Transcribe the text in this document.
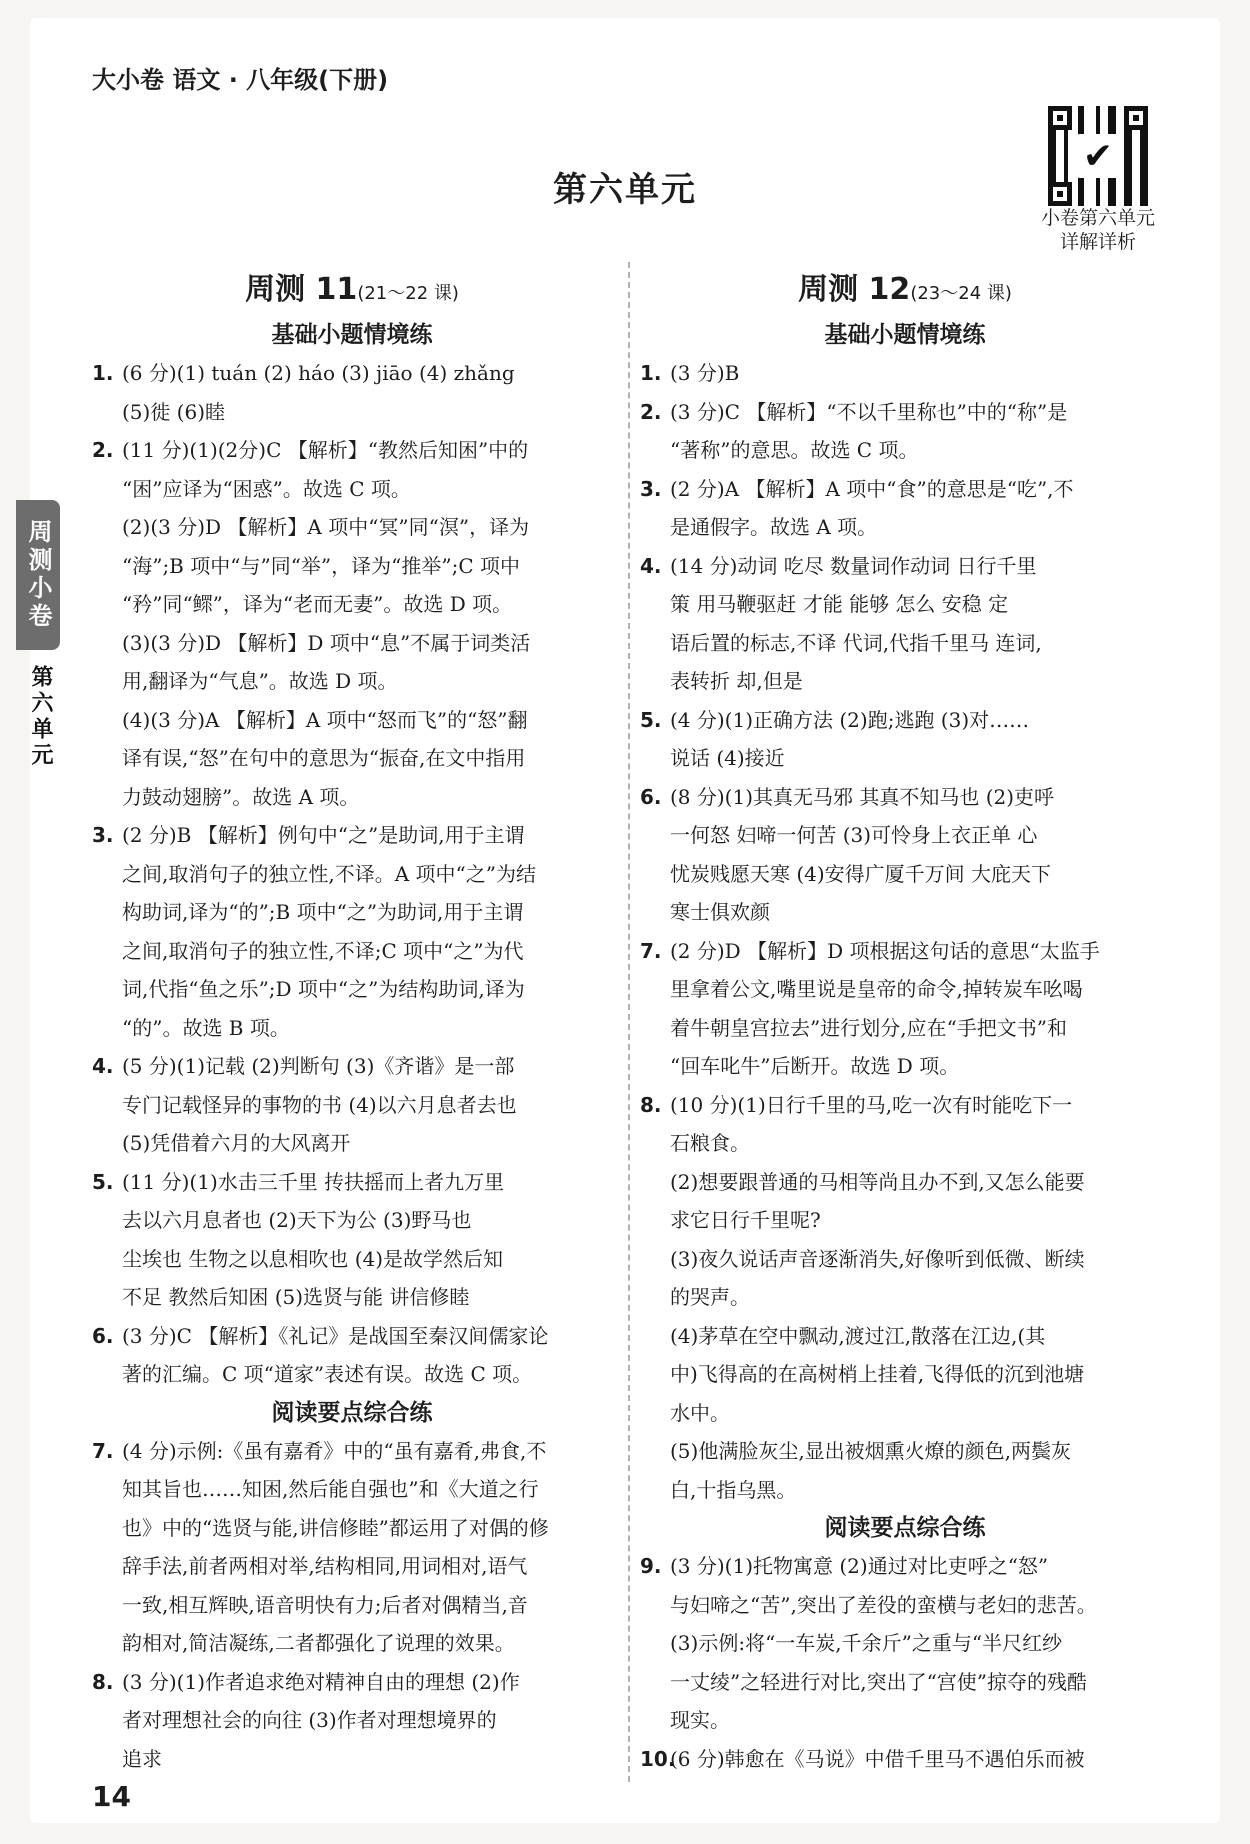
大小卷 语文 · 八年级(下册)
第六单元
✔
小卷第六单元
详解详析
周测小卷
第六单元
周测 11(21～22 课)
基础小题情境练
1. (6 分)(1) tuán (2) háo (3) jiāo (4) zhǎng

(5)徙 (6)睦

2. (11 分)(1)(2分)C 【解析】“教然后知困”中的

“困”应译为“困惑”。故选 C 项。

(2)(3 分)D 【解析】A 项中“冥”同“溟”，译为

“海”;B 项中“与”同“举”，译为“推举”;C 项中

“矜”同“鳏”，译为“老而无妻”。故选 D 项。

(3)(3 分)D 【解析】D 项中“息”不属于词类活

用,翻译为“气息”。故选 D 项。

(4)(3 分)A 【解析】A 项中“怒而飞”的“怒”翻

译有误,“怒”在句中的意思为“振奋,在文中指用

力鼓动翅膀”。故选 A 项。

3. (2 分)B 【解析】例句中“之”是助词,用于主谓

之间,取消句子的独立性,不译。A 项中“之”为结

构助词,译为“的”;B 项中“之”为助词,用于主谓

之间,取消句子的独立性,不译;C 项中“之”为代

词,代指“鱼之乐”;D 项中“之”为结构助词,译为

“的”。故选 B 项。

4. (5 分)(1)记载 (2)判断句 (3)《齐谐》是一部

专门记载怪异的事物的书 (4)以六月息者去也

(5)凭借着六月的大风离开

5. (11 分)(1)水击三千里 抟扶摇而上者九万里

去以六月息者也 (2)天下为公 (3)野马也

尘埃也 生物之以息相吹也 (4)是故学然后知

不足 教然后知困 (5)选贤与能 讲信修睦

6. (3 分)C 【解析】《礼记》是战国至秦汉间儒家论

著的汇编。C 项“道家”表述有误。故选 C 项。

阅读要点综合练
7. (4 分)示例:《虽有嘉肴》中的“虽有嘉肴,弗食,不

知其旨也……知困,然后能自强也”和《大道之行

也》中的“选贤与能,讲信修睦”都运用了对偶的修

辞手法,前者两相对举,结构相同,用词相对,语气

一致,相互辉映,语音明快有力;后者对偶精当,音

韵相对,简洁凝练,二者都强化了说理的效果。

8. (3 分)(1)作者追求绝对精神自由的理想 (2)作

者对理想社会的向往 (3)作者对理想境界的

追求

周测 12(23～24 课)
基础小题情境练
1. (3 分)B

2. (3 分)C 【解析】“不以千里称也”中的“称”是

“著称”的意思。故选 C 项。

3. (2 分)A 【解析】A 项中“食”的意思是“吃”,不

是通假字。故选 A 项。

4. (14 分)动词 吃尽 数量词作动词 日行千里

策 用马鞭驱赶 才能 能够 怎么 安稳 定

语后置的标志,不译 代词,代指千里马 连词,

表转折 却,但是

5. (4 分)(1)正确方法 (2)跑;逃跑 (3)对……

说话 (4)接近

6. (8 分)(1)其真无马邪 其真不知马也 (2)吏呼

一何怒 妇啼一何苦 (3)可怜身上衣正单 心

忧炭贱愿天寒 (4)安得广厦千万间 大庇天下

寒士俱欢颜

7. (2 分)D 【解析】D 项根据这句话的意思“太监手

里拿着公文,嘴里说是皇帝的命令,掉转炭车吆喝

着牛朝皇宫拉去”进行划分,应在“手把文书”和

“回车叱牛”后断开。故选 D 项。

8. (10 分)(1)日行千里的马,吃一次有时能吃下一

石粮食。

(2)想要跟普通的马相等尚且办不到,又怎么能要

求它日行千里呢?

(3)夜久说话声音逐渐消失,好像听到低微、断续

的哭声。

(4)茅草在空中飘动,渡过江,散落在江边,(其

中)飞得高的在高树梢上挂着,飞得低的沉到池塘

水中。

(5)他满脸灰尘,显出被烟熏火燎的颜色,两鬓灰

白,十指乌黑。

阅读要点综合练
9. (3 分)(1)托物寓意 (2)通过对比吏呼之“怒”

与妇啼之“苦”,突出了差役的蛮横与老妇的悲苦。

(3)示例:将“一车炭,千余斤”之重与“半尺红纱

一丈绫”之轻进行对比,突出了“宫使”掠夺的残酷

现实。

10.

(6 分)韩愈在《马说》中借千里马不遇伯乐而被

14
